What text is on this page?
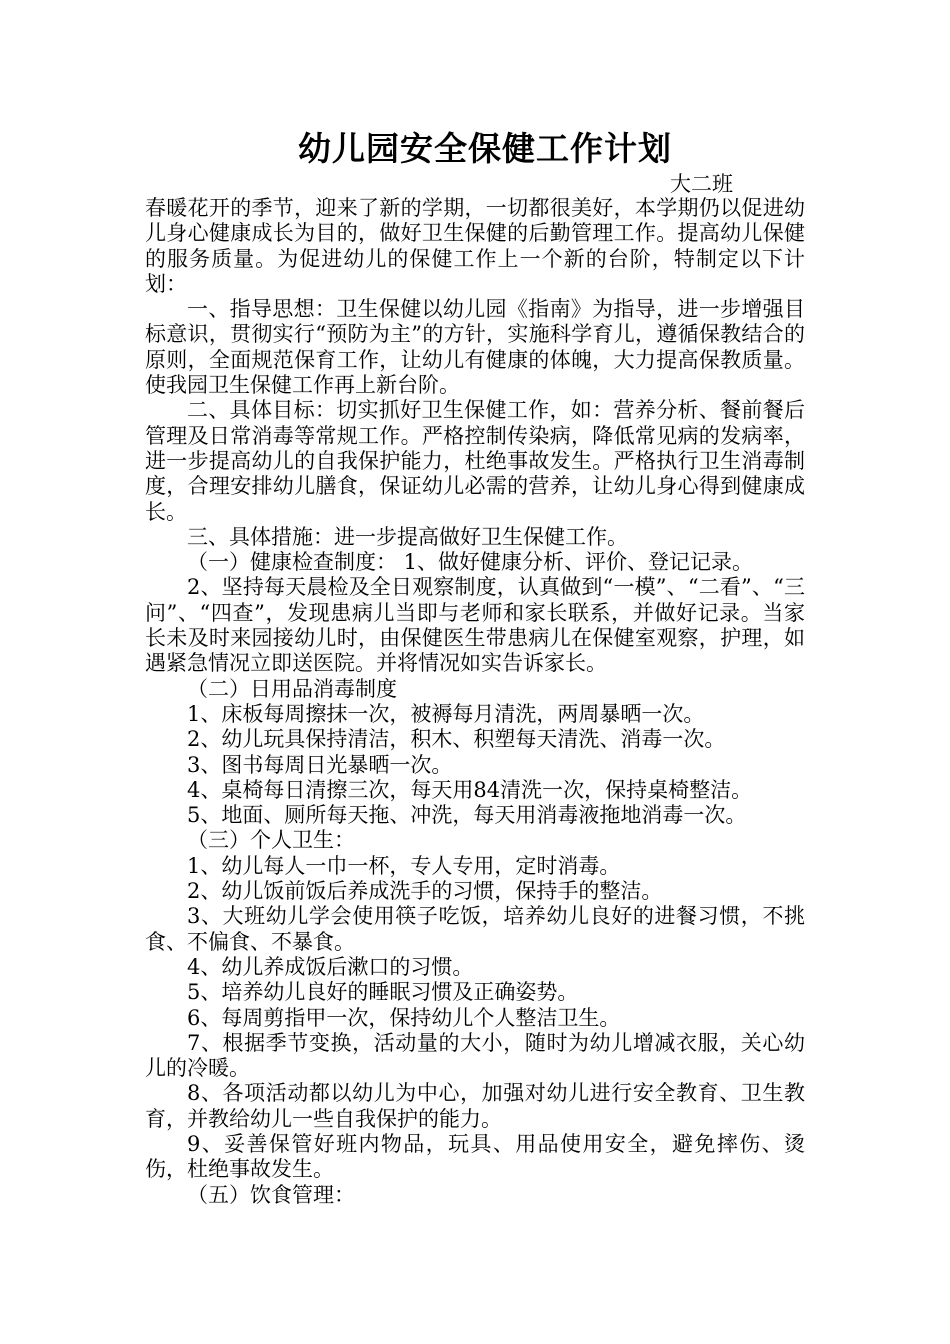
幼儿园安全保健工作计划
大二班

春暖花开的季节，迎来了新的学期，一切都很美好，本学期仍以促进幼儿身心健康成长为目的，做好卫生保健的后勤管理工作。提高幼儿保健的服务质量。为促进幼儿的保健工作上一个新的台阶，特制定以下计划：

一、指导思想：卫生保健以幼儿园《指南》为指导，进一步增强目标意识，贯彻实行“预防为主”的方针，实施科学育儿，遵循保教结合的原则，全面规范保育工作，让幼儿有健康的体魄，大力提高保教质量。使我园卫生保健工作再上新台阶。

二、具体目标：切实抓好卫生保健工作，如：营养分析、餐前餐后管理及日常消毒等常规工作。严格控制传染病，降低常见病的发病率，进一步提高幼儿的自我保护能力，杜绝事故发生。严格执行卫生消毒制度，合理安排幼儿膳食，保证幼儿必需的营养，让幼儿身心得到健康成长。

三、具体措施：进一步提高做好卫生保健工作。

（一）健康检查制度： 1、做好健康分析、评价、登记记录。

2、坚持每天晨检及全日观察制度，认真做到“一模”、“二看”、“三问”、“四查”，发现患病儿当即与老师和家长联系，并做好记录。当家长未及时来园接幼儿时，由保健医生带患病儿在保健室观察，护理，如遇紧急情况立即送医院。并将情况如实告诉家长。

（二）日用品消毒制度

1、床板每周擦抹一次，被褥每月清洗，两周暴晒一次。

2、幼儿玩具保持清洁，积木、积塑每天清洗、消毒一次。

3、图书每周日光暴晒一次。

4、桌椅每日清擦三次，每天用84清洗一次，保持桌椅整洁。

5、地面、厕所每天拖、冲洗，每天用消毒液拖地消毒一次。

（三）个人卫生：

1、幼儿每人一巾一杯，专人专用，定时消毒。

2、幼儿饭前饭后养成洗手的习惯，保持手的整洁。

3、大班幼儿学会使用筷子吃饭，培养幼儿良好的进餐习惯，不挑食、不偏食、不暴食。

4、幼儿养成饭后漱口的习惯。

5、培养幼儿良好的睡眠习惯及正确姿势。

6、每周剪指甲一次，保持幼儿个人整洁卫生。

7、根据季节变换，活动量的大小，随时为幼儿增减衣服，关心幼儿的冷暖。

8、各项活动都以幼儿为中心，加强对幼儿进行安全教育、卫生教育，并教给幼儿一些自我保护的能力。

9、妥善保管好班内物品，玩具、用品使用安全，避免摔伤、烫伤，杜绝事故发生。

（五）饮食管理：
